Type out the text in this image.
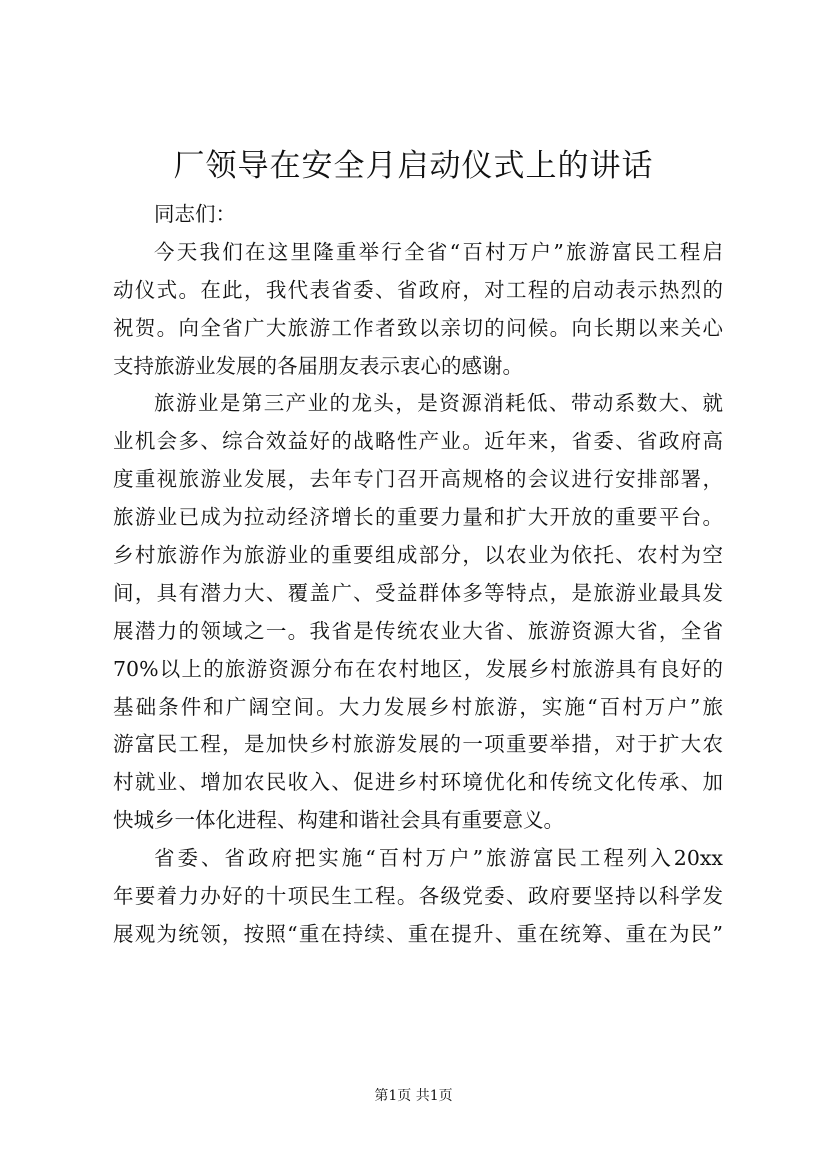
厂领导在安全月启动仪式上的讲话

同志们：

今天我们在这里隆重举行全省“百村万户”旅游富民工程启

动仪式。在此，我代表省委、省政府，对工程的启动表示热烈的

祝贺。向全省广大旅游工作者致以亲切的问候。向长期以来关心

支持旅游业发展的各届朋友表示衷心的感谢。

旅游业是第三产业的龙头，是资源消耗低、带动系数大、就

业机会多、综合效益好的战略性产业。近年来，省委、省政府高

度重视旅游业发展，去年专门召开高规格的会议进行安排部署，

旅游业已成为拉动经济增长的重要力量和扩大开放的重要平台。

乡村旅游作为旅游业的重要组成部分，以农业为依托、农村为空

间，具有潜力大、覆盖广、受益群体多等特点，是旅游业最具发

展潜力的领域之一。我省是传统农业大省、旅游资源大省，全省

70%以上的旅游资源分布在农村地区，发展乡村旅游具有良好的

基础条件和广阔空间。大力发展乡村旅游，实施“百村万户”旅

游富民工程，是加快乡村旅游发展的一项重要举措，对于扩大农

村就业、增加农民收入、促进乡村环境优化和传统文化传承、加

快城乡一体化进程、构建和谐社会具有重要意义。

省委、省政府把实施“百村万户”旅游富民工程列入20xx

年要着力办好的十项民生工程。各级党委、政府要坚持以科学发

展观为统领，按照“重在持续、重在提升、重在统筹、重在为民”

第1页 共1页
